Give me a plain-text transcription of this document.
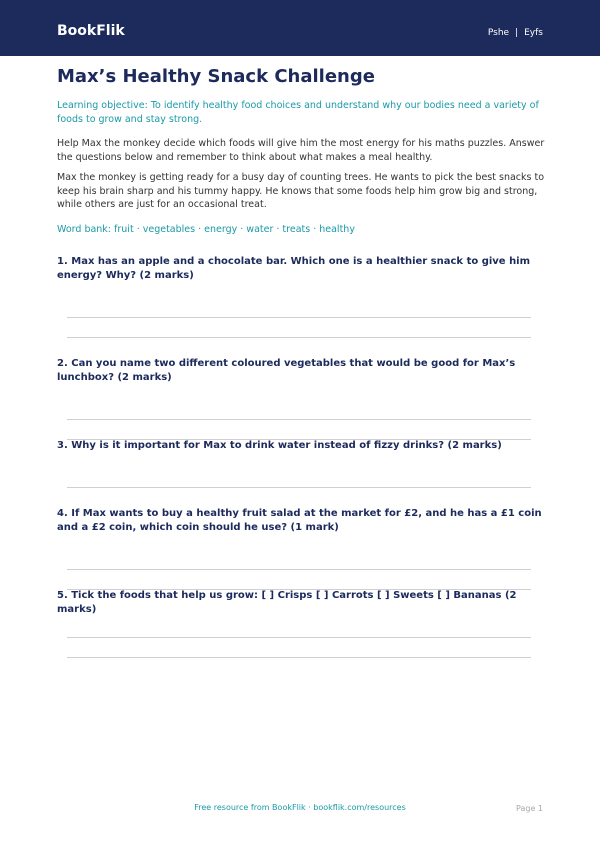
BookFlik	Pshe | Eyfs
Max’s Healthy Snack Challenge

Learning objective: To identify healthy food choices and understand why our bodies need a variety of foods to grow and stay strong.

Help Max the monkey decide which foods will give him the most energy for his maths puzzles. Answer the questions below and remember to think about what makes a meal healthy.

Max the monkey is getting ready for a busy day of counting trees. He wants to pick the best snacks to keep his brain sharp and his tummy happy. He knows that some foods help him grow big and strong, while others are just for an occasional treat.

Word bank: fruit · vegetables · energy · water · treats · healthy

1. Max has an apple and a chocolate bar. Which one is a healthier snack to give him energy? Why? (2 marks)

2. Can you name two different coloured vegetables that would be good for Max’s lunchbox? (2 marks)

3. Why is it important for Max to drink water instead of fizzy drinks? (2 marks)

4. If Max wants to buy a healthy fruit salad at the market for £2, and he has a £1 coin and a £2 coin, which coin should he use? (1 mark)

5. Tick the foods that help us grow: [ ] Crisps [ ] Carrots [ ] Sweets [ ] Bananas (2 marks)

Free resource from BookFlik · bookflik.com/resources	Page 1
